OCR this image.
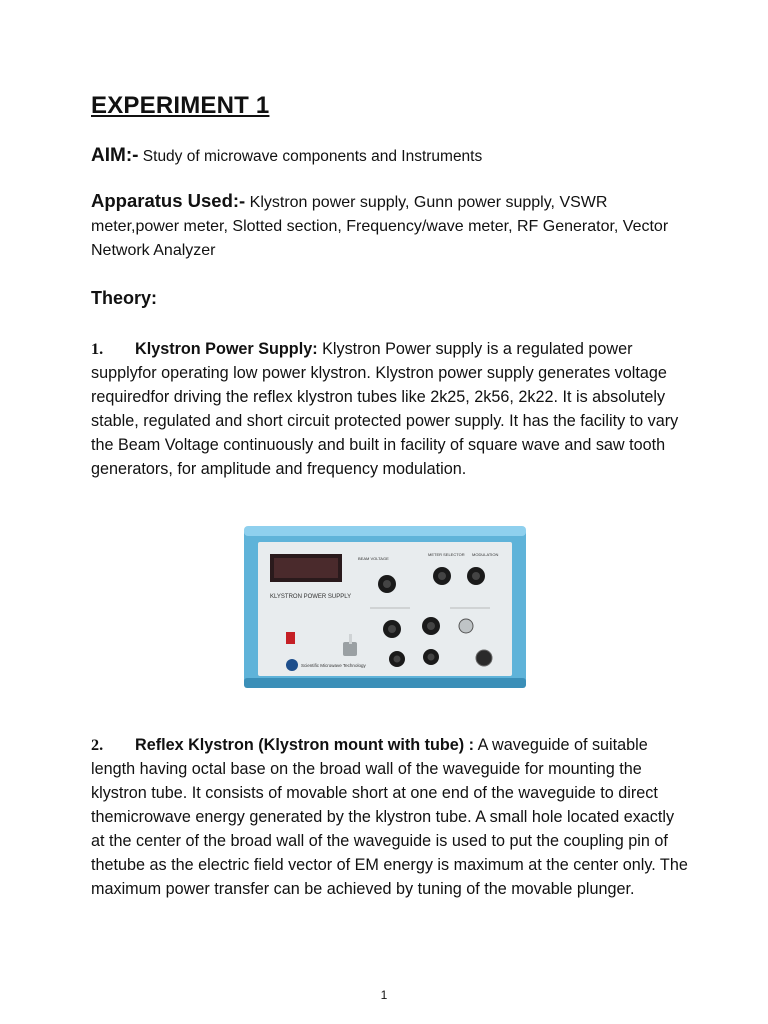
EXPERIMENT 1
AIM:- Study of microwave components and Instruments
Apparatus Used:- Klystron power supply, Gunn power supply, VSWR meter,power meter, Slotted section, Frequency/wave meter, RF Generator, Vector Network Analyzer
Theory:
1. Klystron Power Supply: Klystron Power supply is a regulated power supplyfor operating low power klystron. Klystron power supply generates voltage requiredfor driving the reflex klystron tubes like 2k25, 2k56, 2k22. It is absolutely stable, regulated and short circuit protected power supply. It has the facility to vary the Beam Voltage continuously and built in facility of square wave and saw tooth generators, for amplitude and frequency modulation.
KLYSTRON POWER SUPPLY
BEAM VOLTAGE
METER SELECTOR MODULATION
Scientific Microwave Technology
2. Reflex Klystron (Klystron mount with tube) : A waveguide of suitable length having octal base on the broad wall of the waveguide for mounting the klystron tube. It consists of movable short at one end of the waveguide to direct themicrowave energy generated by the klystron tube. A small hole located exactly at the center of the broad wall of the waveguide is used to put the coupling pin of thetube as the electric field vector of EM energy is maximum at the center only. The maximum power transfer can be achieved by tuning of the movable plunger.
1
